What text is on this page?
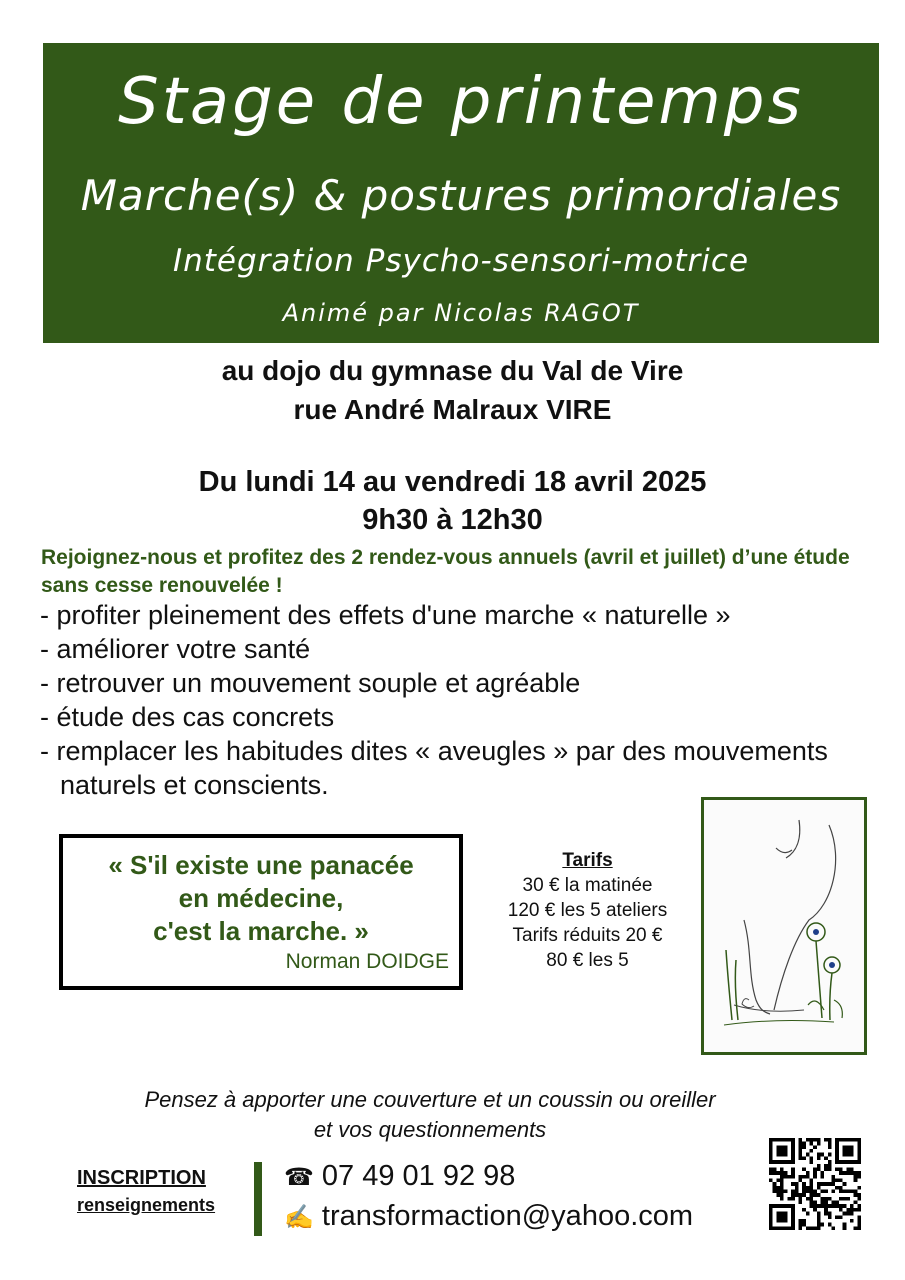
Stage de printemps
Marche(s) & postures primordiales
Intégration Psycho-sensori-motrice
Animé par Nicolas RAGOT
au dojo du gymnase du Val de Vire
rue André Malraux VIRE
Du lundi 14 au vendredi 18 avril 2025
9h30 à 12h30
Rejoignez-nous et profitez des 2 rendez-vous annuels (avril et juillet) d’une étude sans cesse renouvelée !
- profiter pleinement des effets d'une marche « naturelle »
- améliorer votre santé
- retrouver un mouvement souple et agréable
- étude des cas concrets
- remplacer les habitudes dites « aveugles » par des mouvements naturels et conscients.
« S'il existe une panacée
en médecine,
c'est la marche. »
Norman DOIDGE
Tarifs
30 € la matinée
120 € les 5 ateliers
Tarifs réduits 20 €
80 € les 5
Pensez à apporter une couverture et un coussin ou oreiller
et vos questionnements
INSCRIPTION
renseignements
☎ 07 49 01 92 98
✍ transformaction@yahoo.com
